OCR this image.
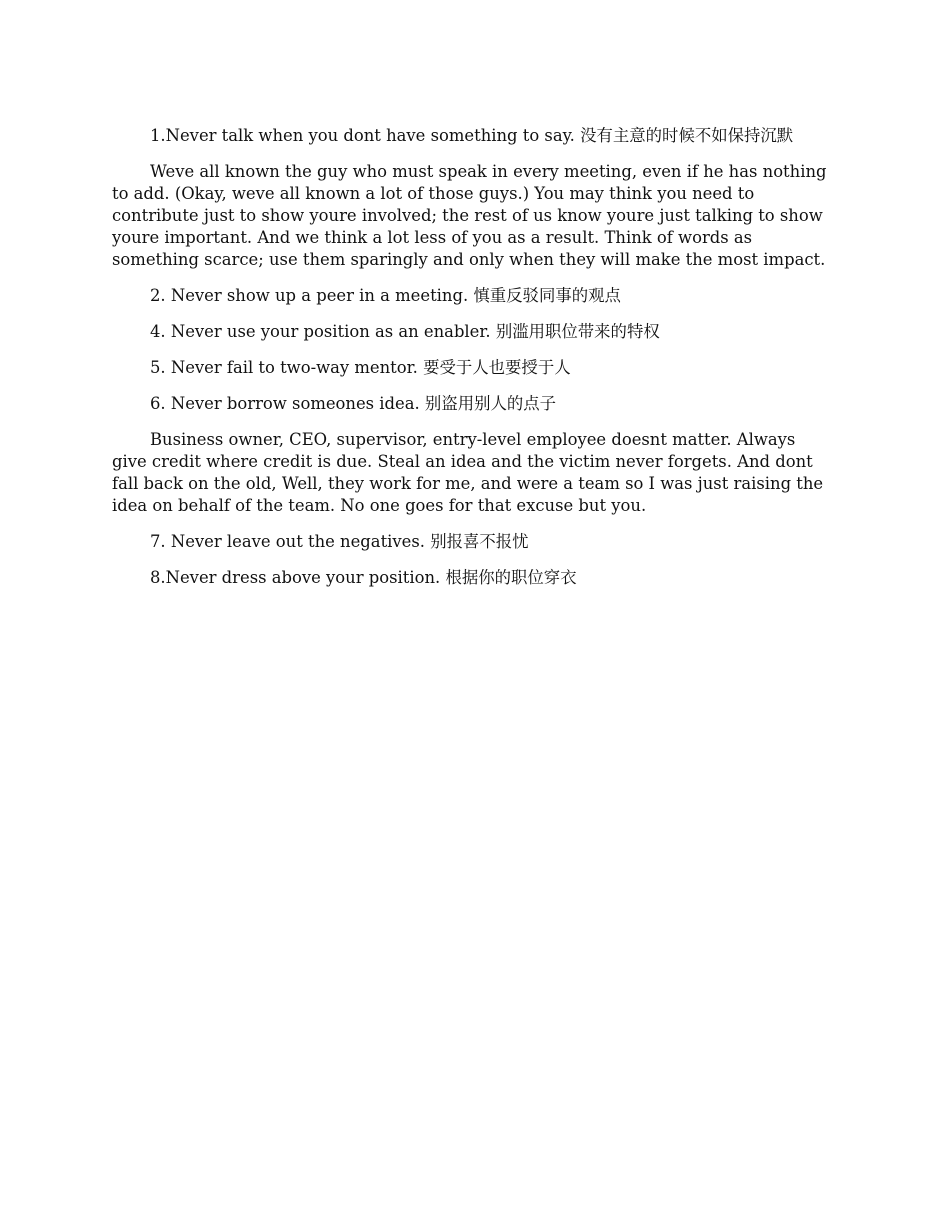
1.Never talk when you dont have something to say. 没有主意的时候不如保持沉默

Weve all known the guy who must speak in every meeting, even if he has nothing to add. (Okay, weve all known a lot of those guys.) You may think you need to contribute just to show youre involved; the rest of us know youre just talking to show youre important. And we think a lot less of you as a result. Think of words as something scarce; use them sparingly and only when they will make the most impact.

2. Never show up a peer in a meeting. 慎重反驳同事的观点

4. Never use your position as an enabler. 别滥用职位带来的特权

5. Never fail to two-way mentor. 要受于人也要授于人

6. Never borrow someones idea. 别盗用别人的点子

Business owner, CEO, supervisor, entry-level employee doesnt matter. Always give credit where credit is due. Steal an idea and the victim never forgets. And dont fall back on the old, Well, they work for me, and were a team so I was just raising the idea on behalf of the team. No one goes for that excuse but you.

7. Never leave out the negatives. 别报喜不报忧

8.Never dress above your position. 根据你的职位穿衣
